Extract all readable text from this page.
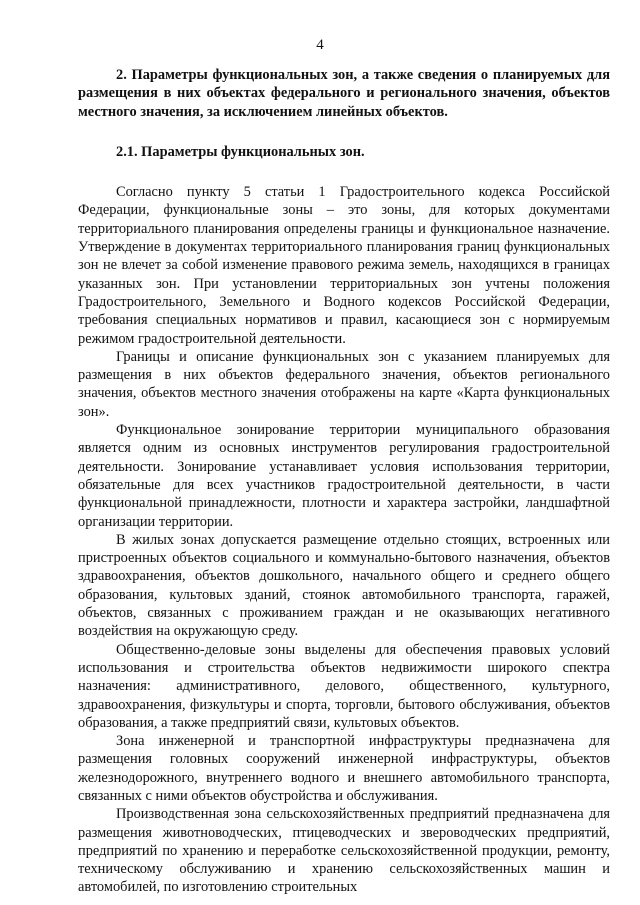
4

2. Параметры функциональных зон, а также сведения о планируемых для размещения в них объектах федерального и регионального значения, объектов местного значения, за исключением линейных объектов.

2.1. Параметры функциональных зон.

Согласно пункту 5 статьи 1 Градостроительного кодекса Российской Федерации, функциональные зоны – это зоны, для которых документами территориального планирования определены границы и функциональное назначение. Утверждение в документах территориального планирования границ функциональных зон не влечет за собой изменение правового режима земель, находящихся в границах указанных зон. При установлении территориальных зон учтены положения Градостроительного, Земельного и Водного кодексов Российской Федерации, требования специальных нормативов и правил, касающиеся зон с нормируемым режимом градостроительной деятельности.

Границы и описание функциональных зон с указанием планируемых для размещения в них объектов федерального значения, объектов регионального значения, объектов местного значения отображены на карте «Карта функциональных зон».

Функциональное зонирование территории муниципального образования является одним из основных инструментов регулирования градостроительной деятельности. Зонирование устанавливает условия использования территории, обязательные для всех участников градостроительной деятельности, в части функциональной принадлежности, плотности и характера застройки, ландшафтной организации территории.

В жилых зонах допускается размещение отдельно стоящих, встроенных или пристроенных объектов социального и коммунально-бытового назначения, объектов здравоохранения, объектов дошкольного, начального общего и среднего общего образования, культовых зданий, стоянок автомобильного транспорта, гаражей, объектов, связанных с проживанием граждан и не оказывающих негативного воздействия на окружающую среду.

Общественно-деловые зоны выделены для обеспечения правовых условий использования и строительства объектов недвижимости широкого спектра назначения: административного, делового, общественного, культурного, здравоохранения, физкультуры и спорта, торговли, бытового обслуживания, объектов образования, а также предприятий связи, культовых объектов.

Зона инженерной и транспортной инфраструктуры предназначена для размещения головных сооружений инженерной инфраструктуры, объектов железнодорожного, внутреннего водного и внешнего автомобильного транспорта, связанных с ними объектов обустройства и обслуживания.

Производственная зона сельскохозяйственных предприятий предназначена для размещения животноводческих, птицеводческих и звероводческих предприятий, предприятий по хранению и переработке сельскохозяйственной продукции, ремонту, техническому обслуживанию и хранению сельскохозяйственных машин и автомобилей, по изготовлению строительных
